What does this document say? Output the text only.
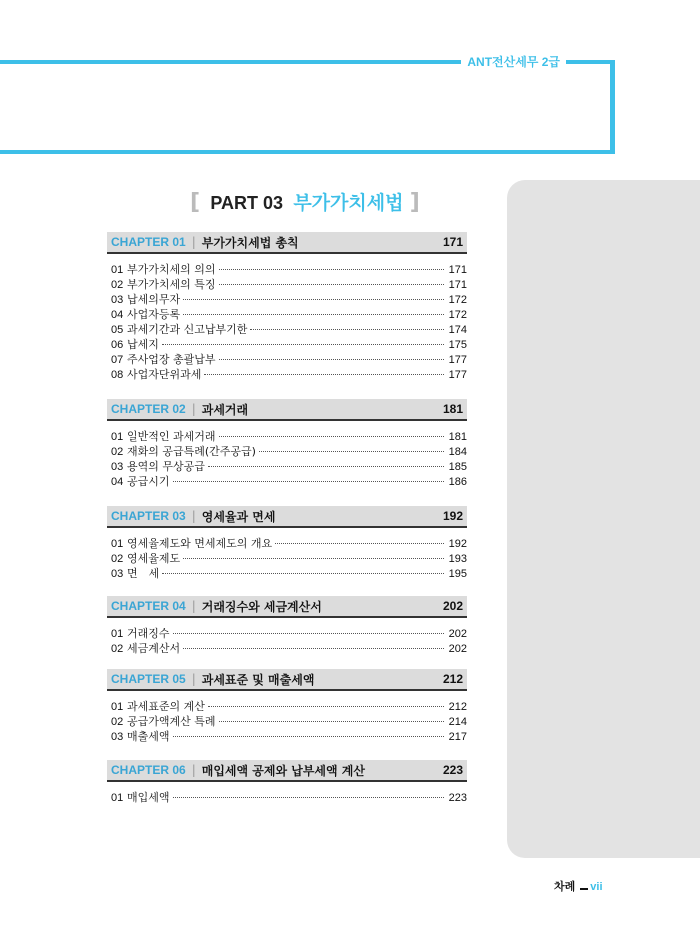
ANT전산세무 2급
[ PART 03 부가가치세법 ]
CHAPTER 01 | 부가가치세법 총칙	171
01 부가가치세의 의의	171
02 부가가치세의 특징	171
03 납세의무자	172
04 사업자등록	172
05 과세기간과 신고납부기한	174
06 납세지	175
07 주사업장 총괄납부	177
08 사업자단위과세	177
CHAPTER 02 | 과세거래	181
01 일반적인 과세거래	181
02 재화의 공급특례(간주공급)	184
03 용역의 무상공급	185
04 공급시기	186
CHAPTER 03 | 영세율과 면세	192
01 영세율제도와 면세제도의 개요	192
02 영세율제도	193
03 면　세	195
CHAPTER 04 | 거래징수와 세금계산서	202
01 거래징수	202
02 세금계산서	202
CHAPTER 05 | 과세표준 및 매출세액	212
01 과세표준의 계산	212
02 공급가액계산 특례	214
03 매출세액	217
CHAPTER 06 | 매입세액 공제와 납부세액 계산	223
01 매입세액	223
차례 vii
